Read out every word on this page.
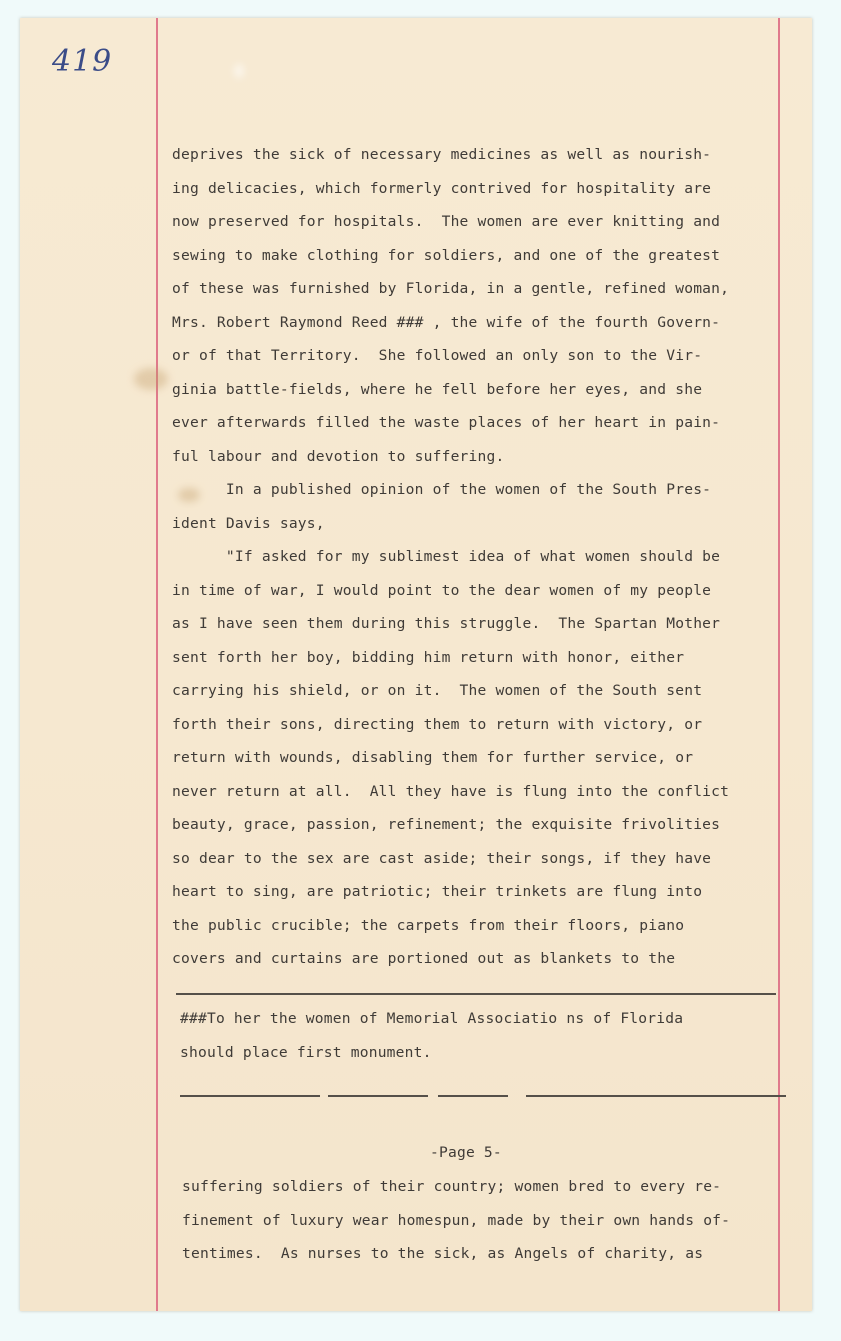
419

deprives the sick of necessary medicines as well as nourish-

ing delicacies, which formerly contrived for hospitality are

now preserved for hospitals.  The women are ever knitting and

sewing to make clothing for soldiers, and one of the greatest

of these was furnished by Florida, in a gentle, refined woman,

Mrs. Robert Raymond Reed ### , the wife of the fourth Govern-

or of that Territory.  She followed an only son to the Vir-

ginia battle-fields, where he fell before her eyes, and she

ever afterwards filled the waste places of her heart in pain-

ful labour and devotion to suffering.

In a published opinion of the women of the South Pres-

ident Davis says,

"If asked for my sublimest idea of what women should be

in time of war, I would point to the dear women of my people

as I have seen them during this struggle.  The Spartan Mother

sent forth her boy, bidding him return with honor, either

carrying his shield, or on it.  The women of the South sent

forth their sons, directing them to return with victory, or

return with wounds, disabling them for further service, or

never return at all.  All they have is flung into the conflict

beauty, grace, passion, refinement; the exquisite frivolities

so dear to the sex are cast aside; their songs, if they have

heart to sing, are patriotic; their trinkets are flung into

the public crucible; the carpets from their floors, piano

covers and curtains are portioned out as blankets to the

###To her the women of Memorial Associatio ns of Florida

should place first monument.

-Page 5-

suffering soldiers of their country; women bred to every re-

finement of luxury wear homespun, made by their own hands of-

tentimes.  As nurses to the sick, as Angels of charity, as
